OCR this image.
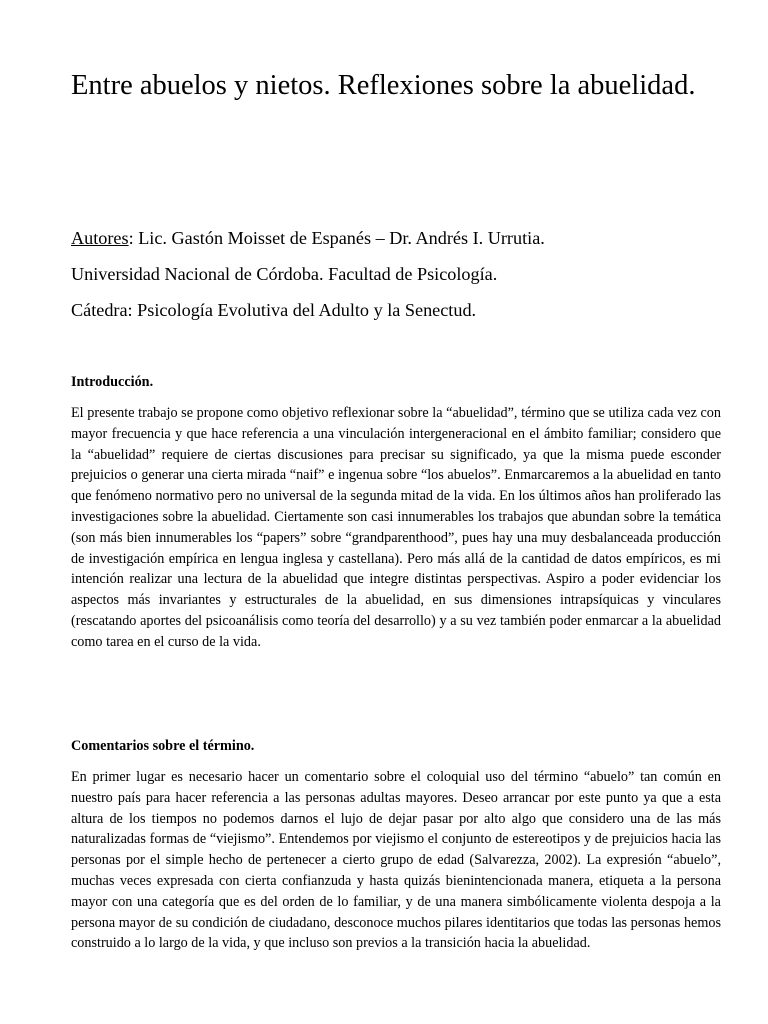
Entre abuelos y nietos. Reflexiones sobre la abuelidad.

Autores: Lic. Gastón Moisset de Espanés – Dr. Andrés I. Urrutia.

Universidad Nacional de Córdoba. Facultad de Psicología.

Cátedra: Psicología Evolutiva del Adulto y la Senectud.

Introducción.

El presente trabajo se propone como objetivo reflexionar sobre la “abuelidad”, término que se utiliza cada vez con mayor frecuencia y que hace referencia a una vinculación intergeneracional en el ámbito familiar; considero que la “abuelidad” requiere de ciertas discusiones para precisar su significado, ya que la misma puede esconder prejuicios o generar una cierta mirada “naif” e ingenua sobre “los abuelos”. Enmarcaremos a la abuelidad en tanto que fenómeno normativo pero no universal de la segunda mitad de la vida. En los últimos años han proliferado las investigaciones sobre la abuelidad. Ciertamente son casi innumerables los trabajos que abundan sobre la temática (son más bien innumerables los “papers” sobre “grandparenthood”, pues hay una muy desbalanceada producción de investigación empírica en lengua inglesa y castellana). Pero más allá de la cantidad de datos empíricos, es mi intención realizar una lectura de la abuelidad que integre distintas perspectivas. Aspiro a poder evidenciar los aspectos más invariantes y estructurales de la abuelidad, en sus dimensiones intrapsíquicas y vinculares (rescatando aportes del psicoanálisis como teoría del desarrollo) y a su vez también poder enmarcar a la abuelidad como tarea en el curso de la vida.

Comentarios sobre el término.

En primer lugar es necesario hacer un comentario sobre el coloquial uso del término “abuelo” tan común en nuestro país para hacer referencia a las personas adultas mayores. Deseo arrancar por este punto ya que a esta altura de los tiempos no podemos darnos el lujo de dejar pasar por alto algo que considero una de las más naturalizadas formas de “viejismo”. Entendemos por viejismo el conjunto de estereotipos y de prejuicios hacia las personas por el simple hecho de pertenecer a cierto grupo de edad (Salvarezza, 2002). La expresión “abuelo”, muchas veces expresada con cierta confianzuda y hasta quizás bienintencionada manera, etiqueta a la persona mayor con una categoría que es del orden de lo familiar, y de una manera simbólicamente violenta despoja a la persona mayor de su condición de ciudadano, desconoce muchos pilares identitarios que todas las personas hemos construido a lo largo de la vida, y que incluso son previos a la transición hacia la abuelidad.
